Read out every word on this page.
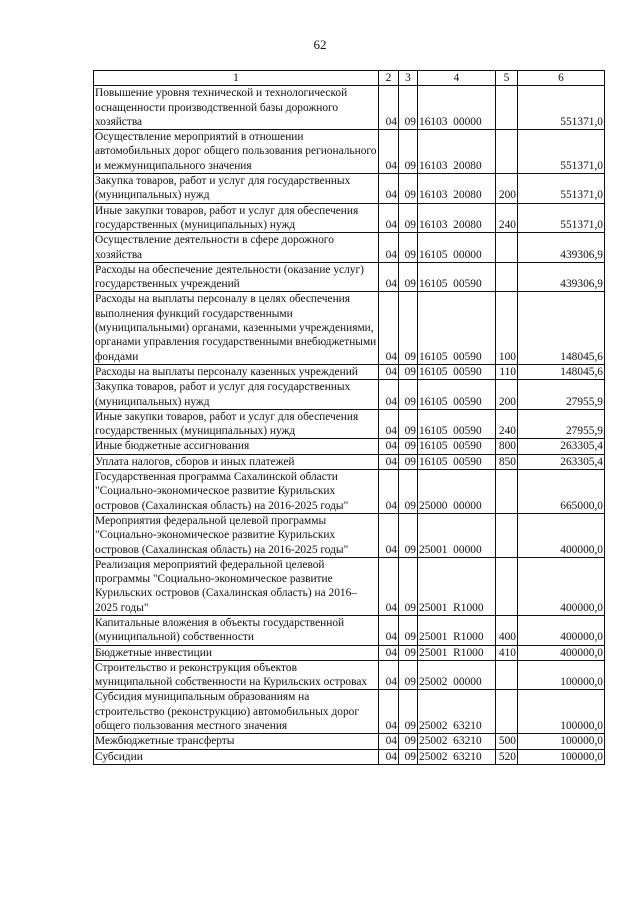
62
1	2	3	4	5	6
Повышение уровня технической и технологической оснащенности производственной базы дорожного хозяйства	04	09	16103  00000		551371,0
Осуществление мероприятий в отношении автомобильных дорог общего пользования регионального и межмуниципального значения	04	09	16103  20080		551371,0
Закупка товаров, работ и услуг для государственных (муниципальных) нужд	04	09	16103  20080	200	551371,0
Иные закупки товаров, работ и услуг для обеспечения государственных (муниципальных) нужд	04	09	16103  20080	240	551371,0
Осуществление деятельности в сфере дорожного хозяйства	04	09	16105  00000		439306,9
Расходы на обеспечение деятельности (оказание услуг) государственных учреждений	04	09	16105  00590		439306,9
Расходы на выплаты персоналу в целях обеспечения выполнения функций государственными (муниципальными) органами, казенными учреждениями, органами управления государственными внебюджетными фондами	04	09	16105  00590	100	148045,6
Расходы на выплаты персоналу казенных учреждений	04	09	16105  00590	110	148045,6
Закупка товаров, работ и услуг для государственных (муниципальных) нужд	04	09	16105  00590	200	27955,9
Иные закупки товаров, работ и услуг для обеспечения государственных (муниципальных) нужд	04	09	16105  00590	240	27955,9
Иные бюджетные ассигнования	04	09	16105  00590	800	263305,4
Уплата налогов, сборов и иных платежей	04	09	16105  00590	850	263305,4
Государственная программа Сахалинской области "Социально-экономическое развитие Курильских островов (Сахалинская область) на 2016-2025 годы"	04	09	25000  00000		665000,0
Мероприятия федеральной целевой программы "Социально-экономическое развитие Курильских островов (Сахалинская область) на 2016-2025 годы"	04	09	25001  00000		400000,0
Реализация мероприятий федеральной целевой программы "Социально-экономическое развитие Курильских островов (Сахалинская область) на 2016–2025 годы"	04	09	25001  R1000		400000,0
Капитальные вложения в объекты государственной (муниципальной) собственности	04	09	25001  R1000	400	400000,0
Бюджетные инвестиции	04	09	25001  R1000	410	400000,0
Строительство и реконструкция объектов муниципальной собственности на Курильских островах	04	09	25002  00000		100000,0
Субсидия муниципальным образованиям на строительство (реконструкцию) автомобильных дорог общего пользования местного значения	04	09	25002  63210		100000,0
Межбюджетные трансферты	04	09	25002  63210	500	100000,0
Субсидии	04	09	25002  63210	520	100000,0
